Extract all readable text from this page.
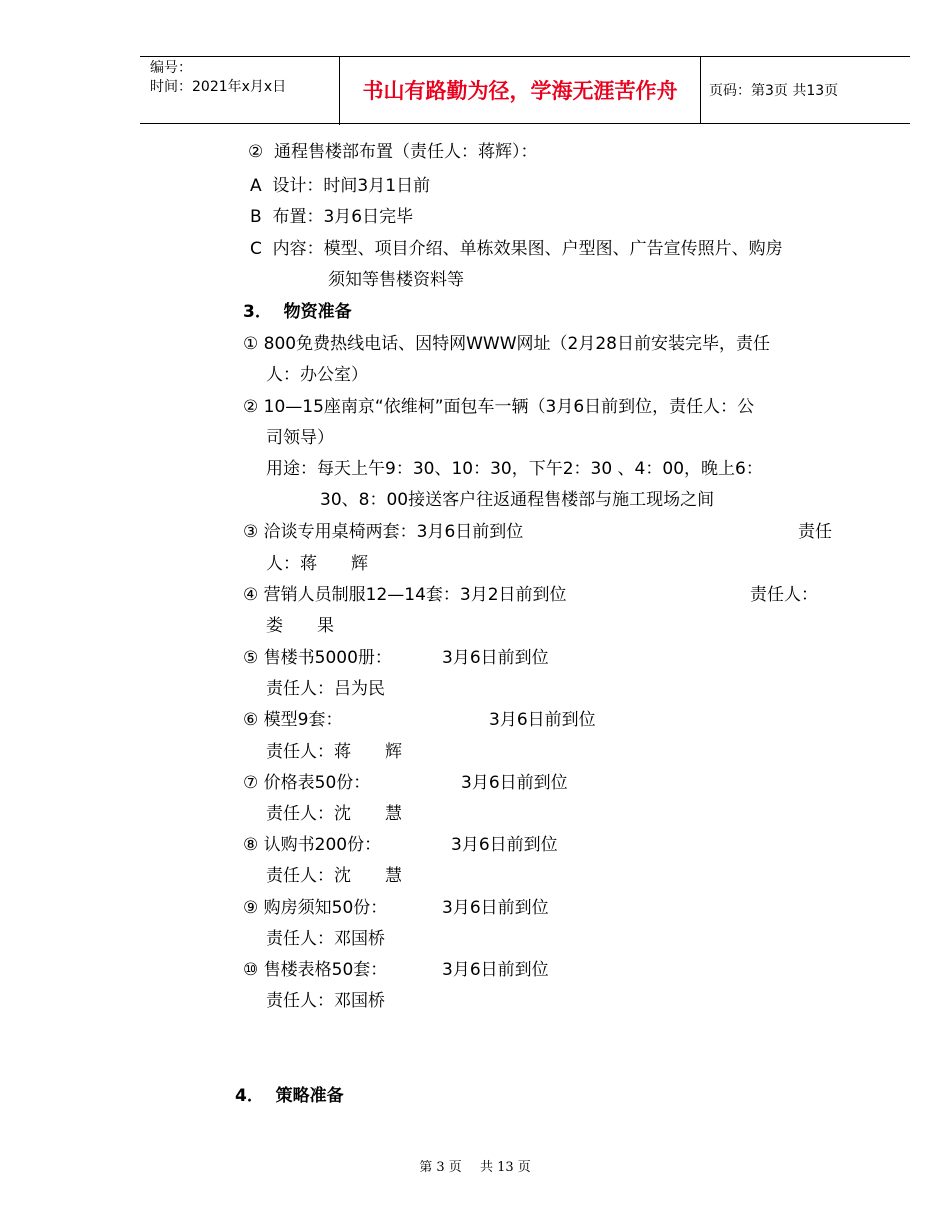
编号：
时间：2021年x月x日	书山有路勤为径，学海无涯苦作舟	页码：第3页 共13页
②  通程售楼部布置（责任人：蒋辉）：
A  设计：时间3月1日前
B  布置：3月6日完毕
C  内容：模型、项目介绍、单栋效果图、户型图、广告宣传照片、购房
须知等售楼资料等
3．  物资准备
① 800免费热线电话、因特网WWW网址（2月28日前安装完毕，责任
人：办公室）
② 10—15座南京“依维柯”面包车一辆（3月6日前到位，责任人：公
司领导）
用途：每天上午9：30、10：30，下午2：30 、4：00，晚上6：
30、8：00接送客户往返通程售楼部与施工现场之间
③ 洽谈专用桌椅两套：3月6日前到位	责任
人：蒋　　辉
④ 营销人员制服12—14套：3月2日前到位	责任人：
娄　　果
⑤ 售楼书5000册：	3月6日前到位
责任人：吕为民
⑥ 模型9套：	3月6日前到位
责任人：蒋　　辉
⑦ 价格表50份：	3月6日前到位
责任人：沈　　慧
⑧ 认购书200份：	3月6日前到位
责任人：沈　　慧
⑨ 购房须知50份：	3月6日前到位
责任人：邓国桥
⑩ 售楼表格50套：	3月6日前到位
责任人：邓国桥
4．  策略准备
第 3 页 共 13 页
